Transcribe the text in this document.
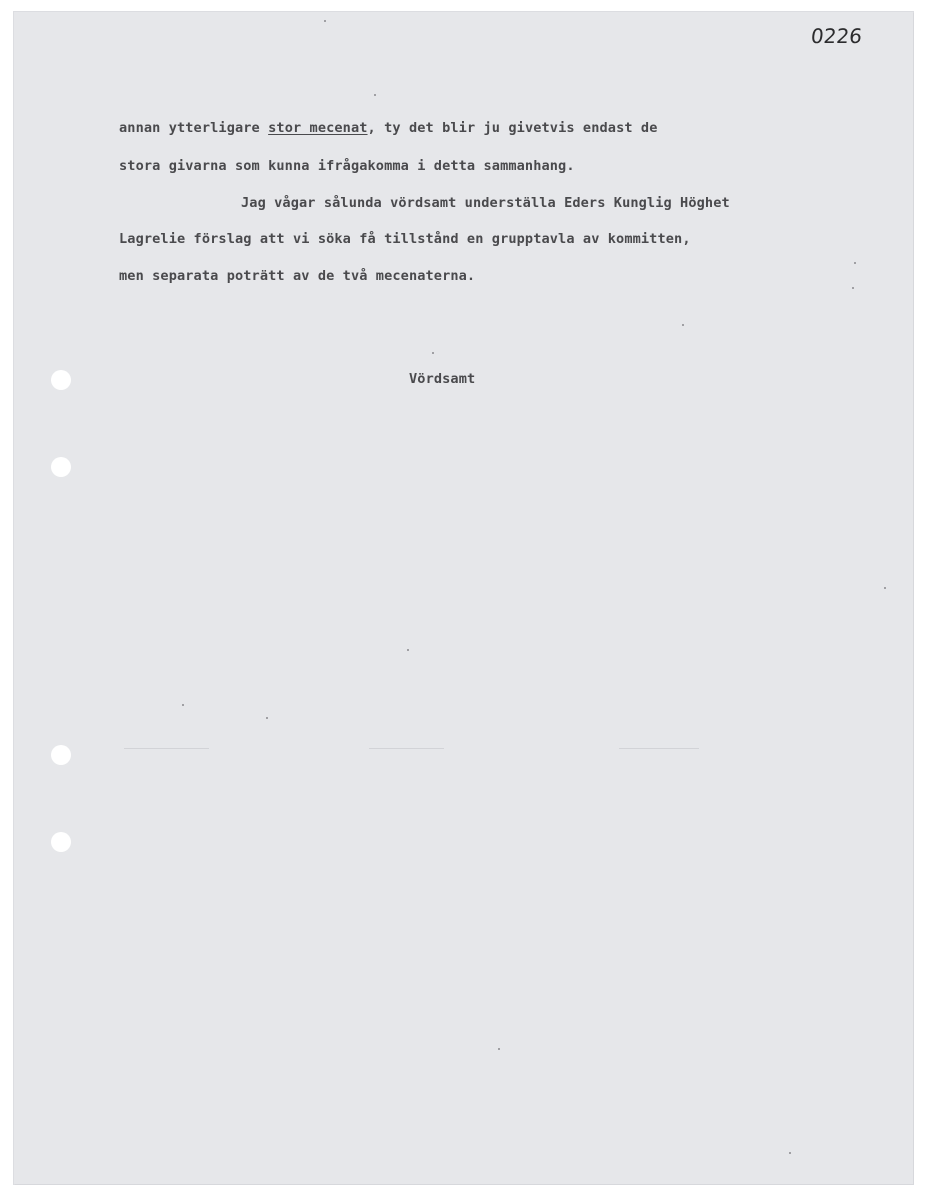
0226
annan ytterligare stor mecenat, ty det blir ju givetvis endast de
stora givarna som kunna ifrågakomma i detta sammanhang.
Jag vågar sålunda vördsamt underställa Eders Kunglig Höghet
Lagrelie förslag att vi söka få tillstånd en grupptavla av kommitten,
men separata poträtt av de två mecenaterna.
Vördsamt
